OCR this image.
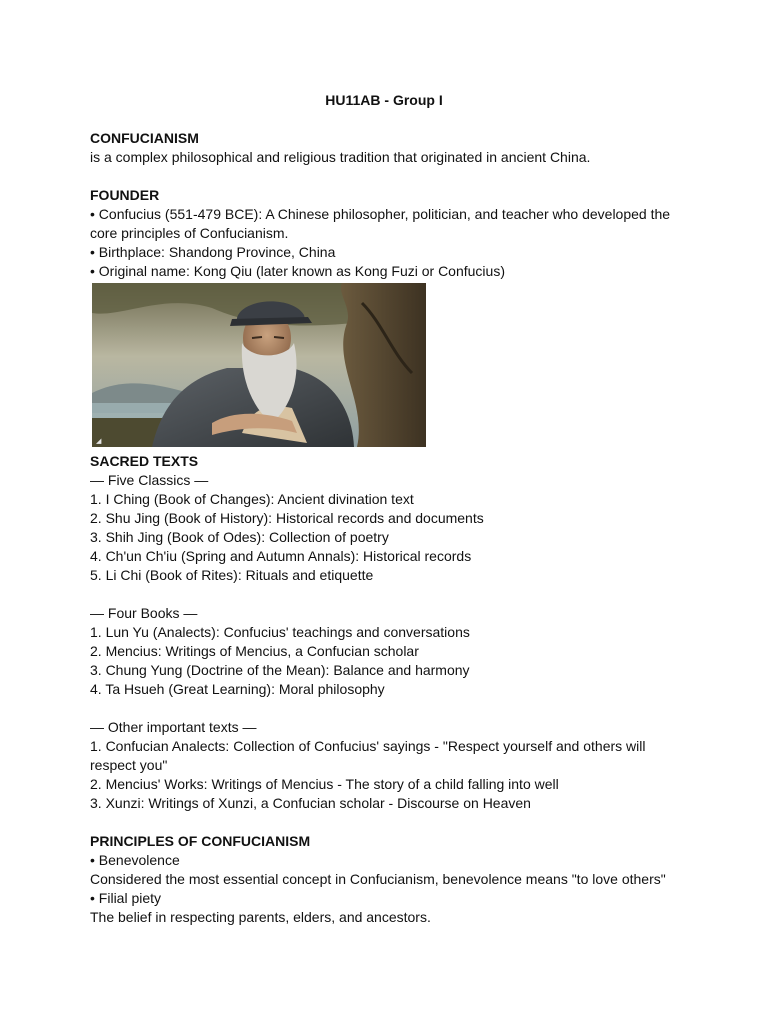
HU11AB - Group I

CONFUCIANISM

is a complex philosophical and religious tradition that originated in ancient China.

FOUNDER

• Confucius (551-479 BCE): A Chinese philosopher, politician, and teacher who developed the core principles of Confucianism.

• Birthplace: Shandong Province, China

• Original name: Kong Qiu (later known as Kong Fuzi or Confucius)

◢

SACRED TEXTS

— Five Classics —

1. I Ching (Book of Changes): Ancient divination text

2. Shu Jing (Book of History): Historical records and documents

3. Shih Jing (Book of Odes): Collection of poetry

4. Ch'un Ch'iu (Spring and Autumn Annals): Historical records

5. Li Chi (Book of Rites): Rituals and etiquette

— Four Books —

1. Lun Yu (Analects): Confucius' teachings and conversations

2. Mencius: Writings of Mencius, a Confucian scholar

3. Chung Yung (Doctrine of the Mean): Balance and harmony

4. Ta Hsueh (Great Learning): Moral philosophy

— Other important texts —

1. Confucian Analects: Collection of Confucius' sayings - "Respect yourself and others will respect you"

2. Mencius' Works: Writings of Mencius - The story of a child falling into well

3. Xunzi: Writings of Xunzi, a Confucian scholar - Discourse on Heaven

PRINCIPLES OF CONFUCIANISM

• Benevolence

Considered the most essential concept in Confucianism, benevolence means "to love others"

• Filial piety

The belief in respecting parents, elders, and ancestors.
